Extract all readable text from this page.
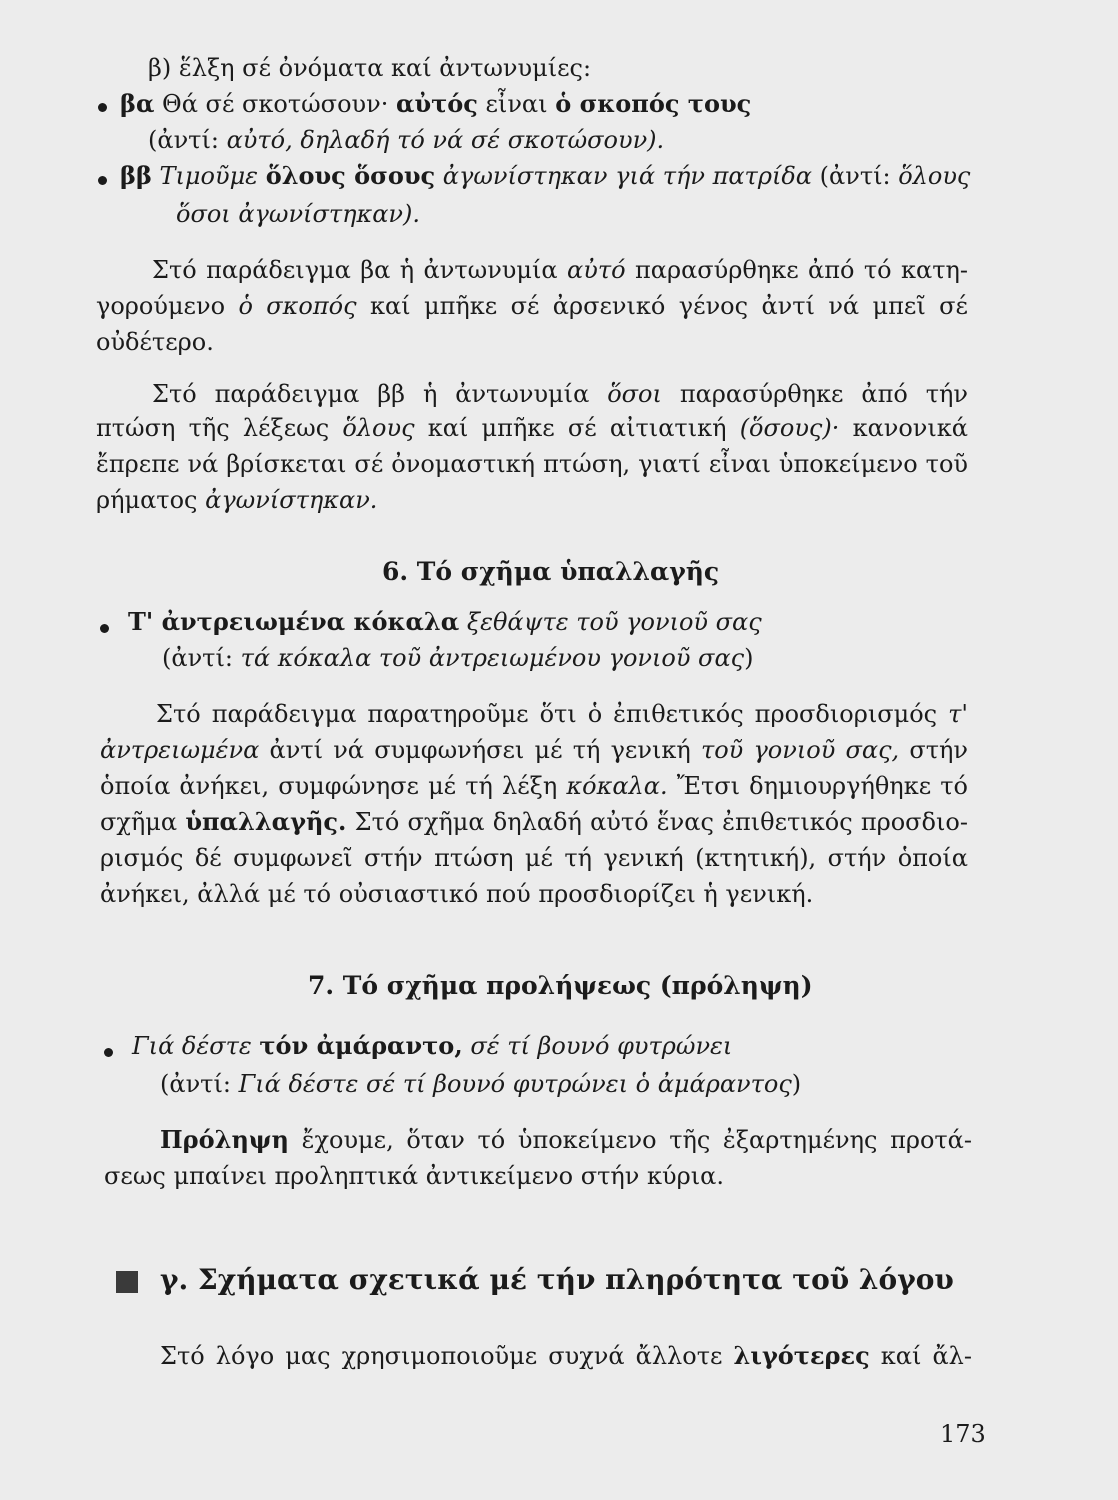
β) ἕλξη σέ ὀνόματα καί ἀντωνυμίες:
βα Θά σέ σκοτώσουν· αὐτός εἶναι ὁ σκοπός τους
(ἀντί: αὐτό, δηλαδή τό νά σέ σκοτώσουν).
ββ Τιμοῦμε ὅλους ὅσους ἀγωνίστηκαν γιά τήν πατρίδα (ἀντί: ὅλους
ὅσοι ἀγωνίστηκαν).
Στό παράδειγμα βα ἡ ἀντωνυμία αὐτό παρασύρθηκε ἀπό τό κατη-
γορούμενο ὁ σκοπός καί μπῆκε σέ ἀρσενικό γένος ἀντί νά μπεῖ σέ
οὐδέτερο.
Στό παράδειγμα ββ ἡ ἀντωνυμία ὅσοι παρασύρθηκε ἀπό τήν
πτώση τῆς λέξεως ὅλους καί μπῆκε σέ αἰτιατική (ὅσους)· κανονικά
ἔπρεπε νά βρίσκεται σέ ὀνομαστική πτώση, γιατί εἶναι ὑποκείμενο τοῦ
ρήματος ἀγωνίστηκαν.
6. Τό σχῆμα ὑπαλλαγῆς
Τ' ἀντρειωμένα κόκαλα ξεθάψτε τοῦ γονιοῦ σας
(ἀντί: τά κόκαλα τοῦ ἀντρειωμένου γονιοῦ σας)
Στό παράδειγμα παρατηροῦμε ὅτι ὁ ἐπιθετικός προσδιορισμός τ'
ἀντρειωμένα ἀντί νά συμφωνήσει μέ τή γενική τοῦ γονιοῦ σας, στήν
ὁποία ἀνήκει, συμφώνησε μέ τή λέξη κόκαλα. Ἔτσι δημιουργήθηκε τό
σχῆμα ὑπαλλαγῆς. Στό σχῆμα δηλαδή αὐτό ἕνας ἐπιθετικός προσδιο-
ρισμός δέ συμφωνεῖ στήν πτώση μέ τή γενική (κτητική), στήν ὁποία
ἀνήκει, ἀλλά μέ τό οὐσιαστικό πού προσδιορίζει ἡ γενική.
7. Τό σχῆμα προλήψεως (πρόληψη)
Γιά δέστε τόν ἀμάραντο, σέ τί βουνό φυτρώνει
(ἀντί: Γιά δέστε σέ τί βουνό φυτρώνει ὁ ἀμάραντος)
Πρόληψη ἔχουμε, ὅταν τό ὑποκείμενο τῆς ἐξαρτημένης προτά-
σεως μπαίνει προληπτικά ἀντικείμενο στήν κύρια.
γ. Σχήματα σχετικά μέ τήν πληρότητα τοῦ λόγου
Στό λόγο μας χρησιμοποιοῦμε συχνά ἄλλοτε λιγότερες καί ἄλ-
173
